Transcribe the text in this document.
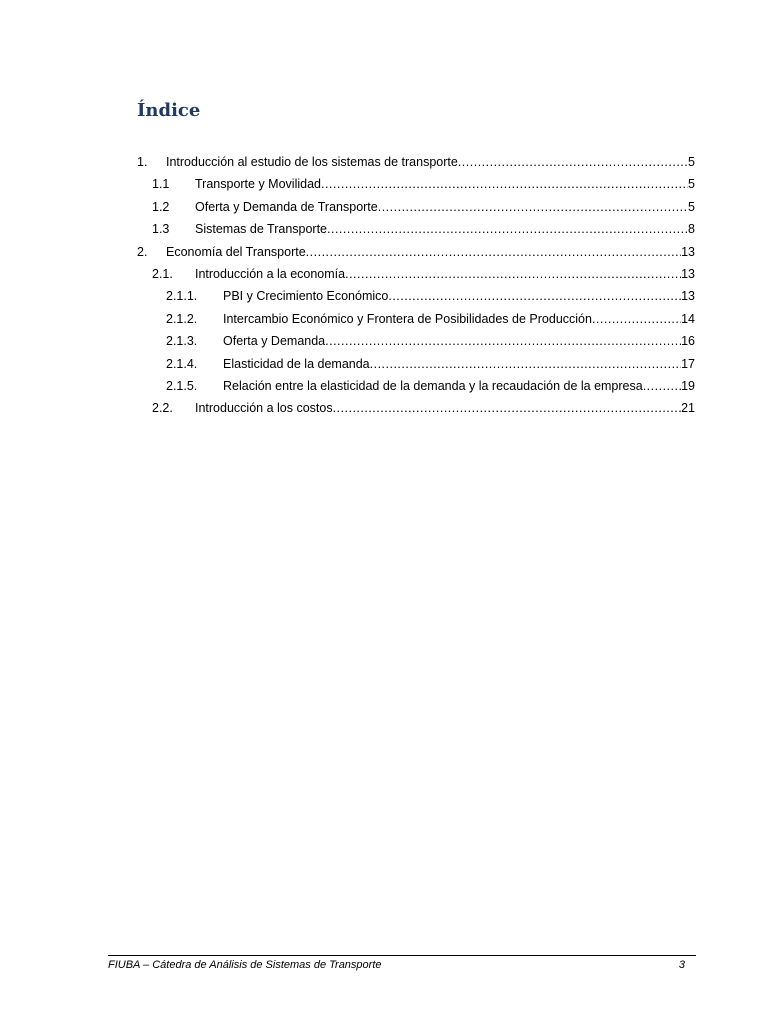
Índice
1. Introducción al estudio de los sistemas de transporte .....	5
1.1 Transporte y Movilidad .....	5
1.2 Oferta y Demanda de Transporte .....	5
1.3 Sistemas de Transporte .....	8
2. Economía del Transporte .....	13
2.1. Introducción a la economía .....	13
2.1.1. PBI y Crecimiento Económico .....	13
2.1.2. Intercambio Económico y Frontera de Posibilidades de Producción .....	14
2.1.3. Oferta y Demanda .....	16
2.1.4. Elasticidad de la demanda .....	17
2.1.5. Relación entre la elasticidad de la demanda y la recaudación de la empresa .....	19
2.2. Introducción a los costos .....	21
FIUBA – Cátedra de Análisis de Sistemas de Transporte	3
